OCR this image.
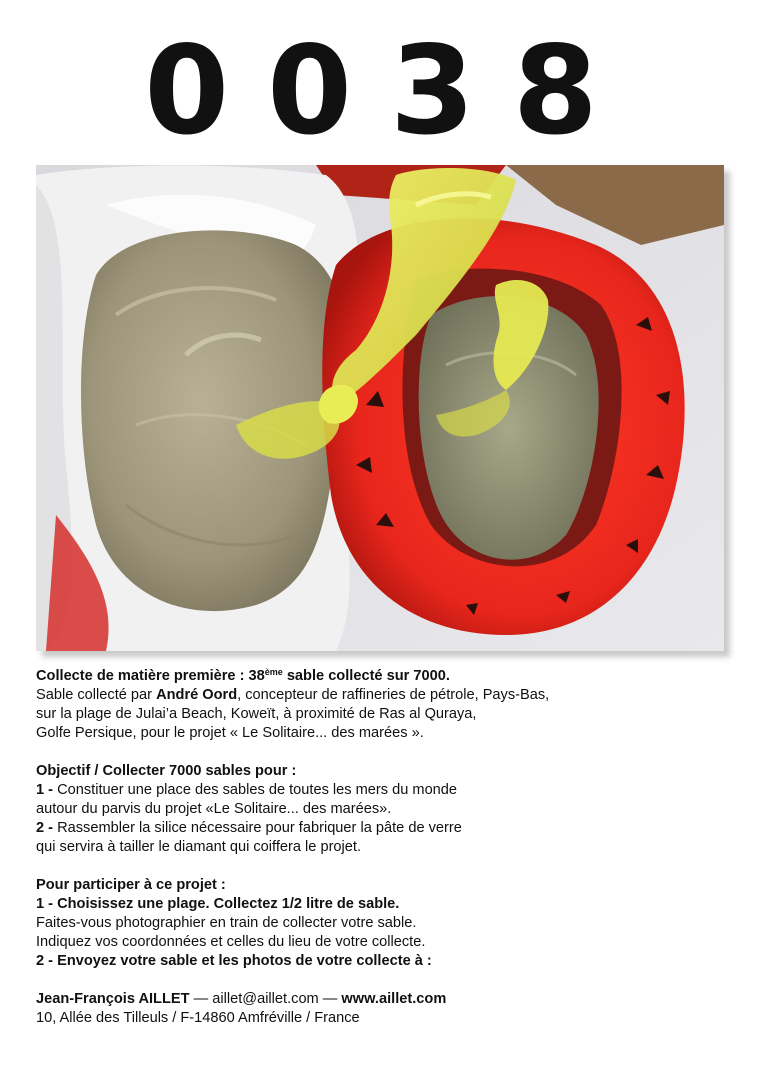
0038

Collecte de matière première : 38ème sable collecté sur 7000.

Sable collecté par André Oord, concepteur de raffineries de pétrole, Pays-Bas,

sur la plage de Julai’a Beach, Koweït, à proximité de Ras al Quraya,

Golfe Persique, pour le projet « Le Solitaire... des marées ».

Objectif / Collecter 7000 sables pour :

1 - Constituer une place des sables de toutes les mers du monde

autour du parvis du projet «Le Solitaire... des marées».

2 - Rassembler la silice nécessaire pour fabriquer la pâte de verre

qui servira à tailler le diamant qui coiffera le projet.

Pour participer à ce projet :

1 - Choisissez une plage. Collectez 1/2 litre de sable.

Faites-vous photographier en train de collecter votre sable.

Indiquez vos coordonnées et celles du lieu de votre collecte.

2 - Envoyez votre sable et les photos de votre collecte à :

Jean-François AILLET — aillet@aillet.com — www.aillet.com

10, Allée des Tilleuls / F-14860 Amfréville / France
